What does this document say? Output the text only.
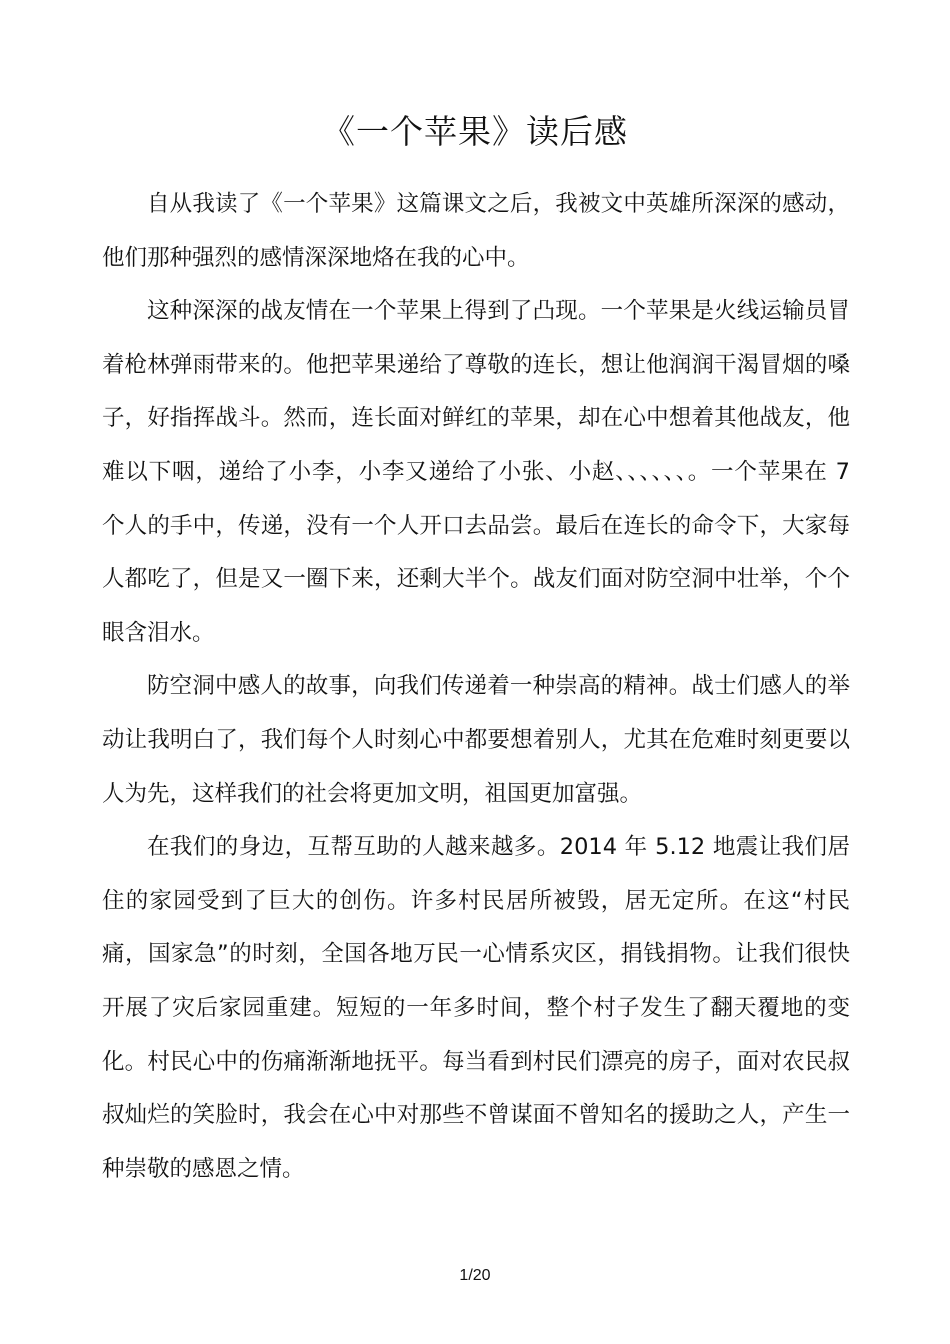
《一个苹果》读后感

自从我读了《一个苹果》这篇课文之后，我被文中英雄所深深的感动，他们那种强烈的感情深深地烙在我的心中。

这种深深的战友情在一个苹果上得到了凸现。一个苹果是火线运输员冒着枪林弹雨带来的。他把苹果递给了尊敬的连长，想让他润润干渴冒烟的嗓子，好指挥战斗。然而，连长面对鲜红的苹果，却在心中想着其他战友，他难以下咽，递给了小李，小李又递给了小张、小赵、、、、、、。一个苹果在 7 个人的手中，传递，没有一个人开口去品尝。最后在连长的命令下，大家每人都吃了，但是又一圈下来，还剩大半个。战友们面对防空洞中壮举，个个眼含泪水。

防空洞中感人的故事，向我们传递着一种崇高的精神。战士们感人的举动让我明白了，我们每个人时刻心中都要想着别人，尤其在危难时刻更要以人为先，这样我们的社会将更加文明，祖国更加富强。

在我们的身边，互帮互助的人越来越多。2014 年 5.12 地震让我们居住的家园受到了巨大的创伤。许多村民居所被毁，居无定所。在这“村民痛，国家急”的时刻，全国各地万民一心情系灾区，捐钱捐物。让我们很快开展了灾后家园重建。短短的一年多时间，整个村子发生了翻天覆地的变化。村民心中的伤痛渐渐地抚平。每当看到村民们漂亮的房子，面对农民叔叔灿烂的笑脸时，我会在心中对那些不曾谋面不曾知名的援助之人，产生一种崇敬的感恩之情。

1/20
